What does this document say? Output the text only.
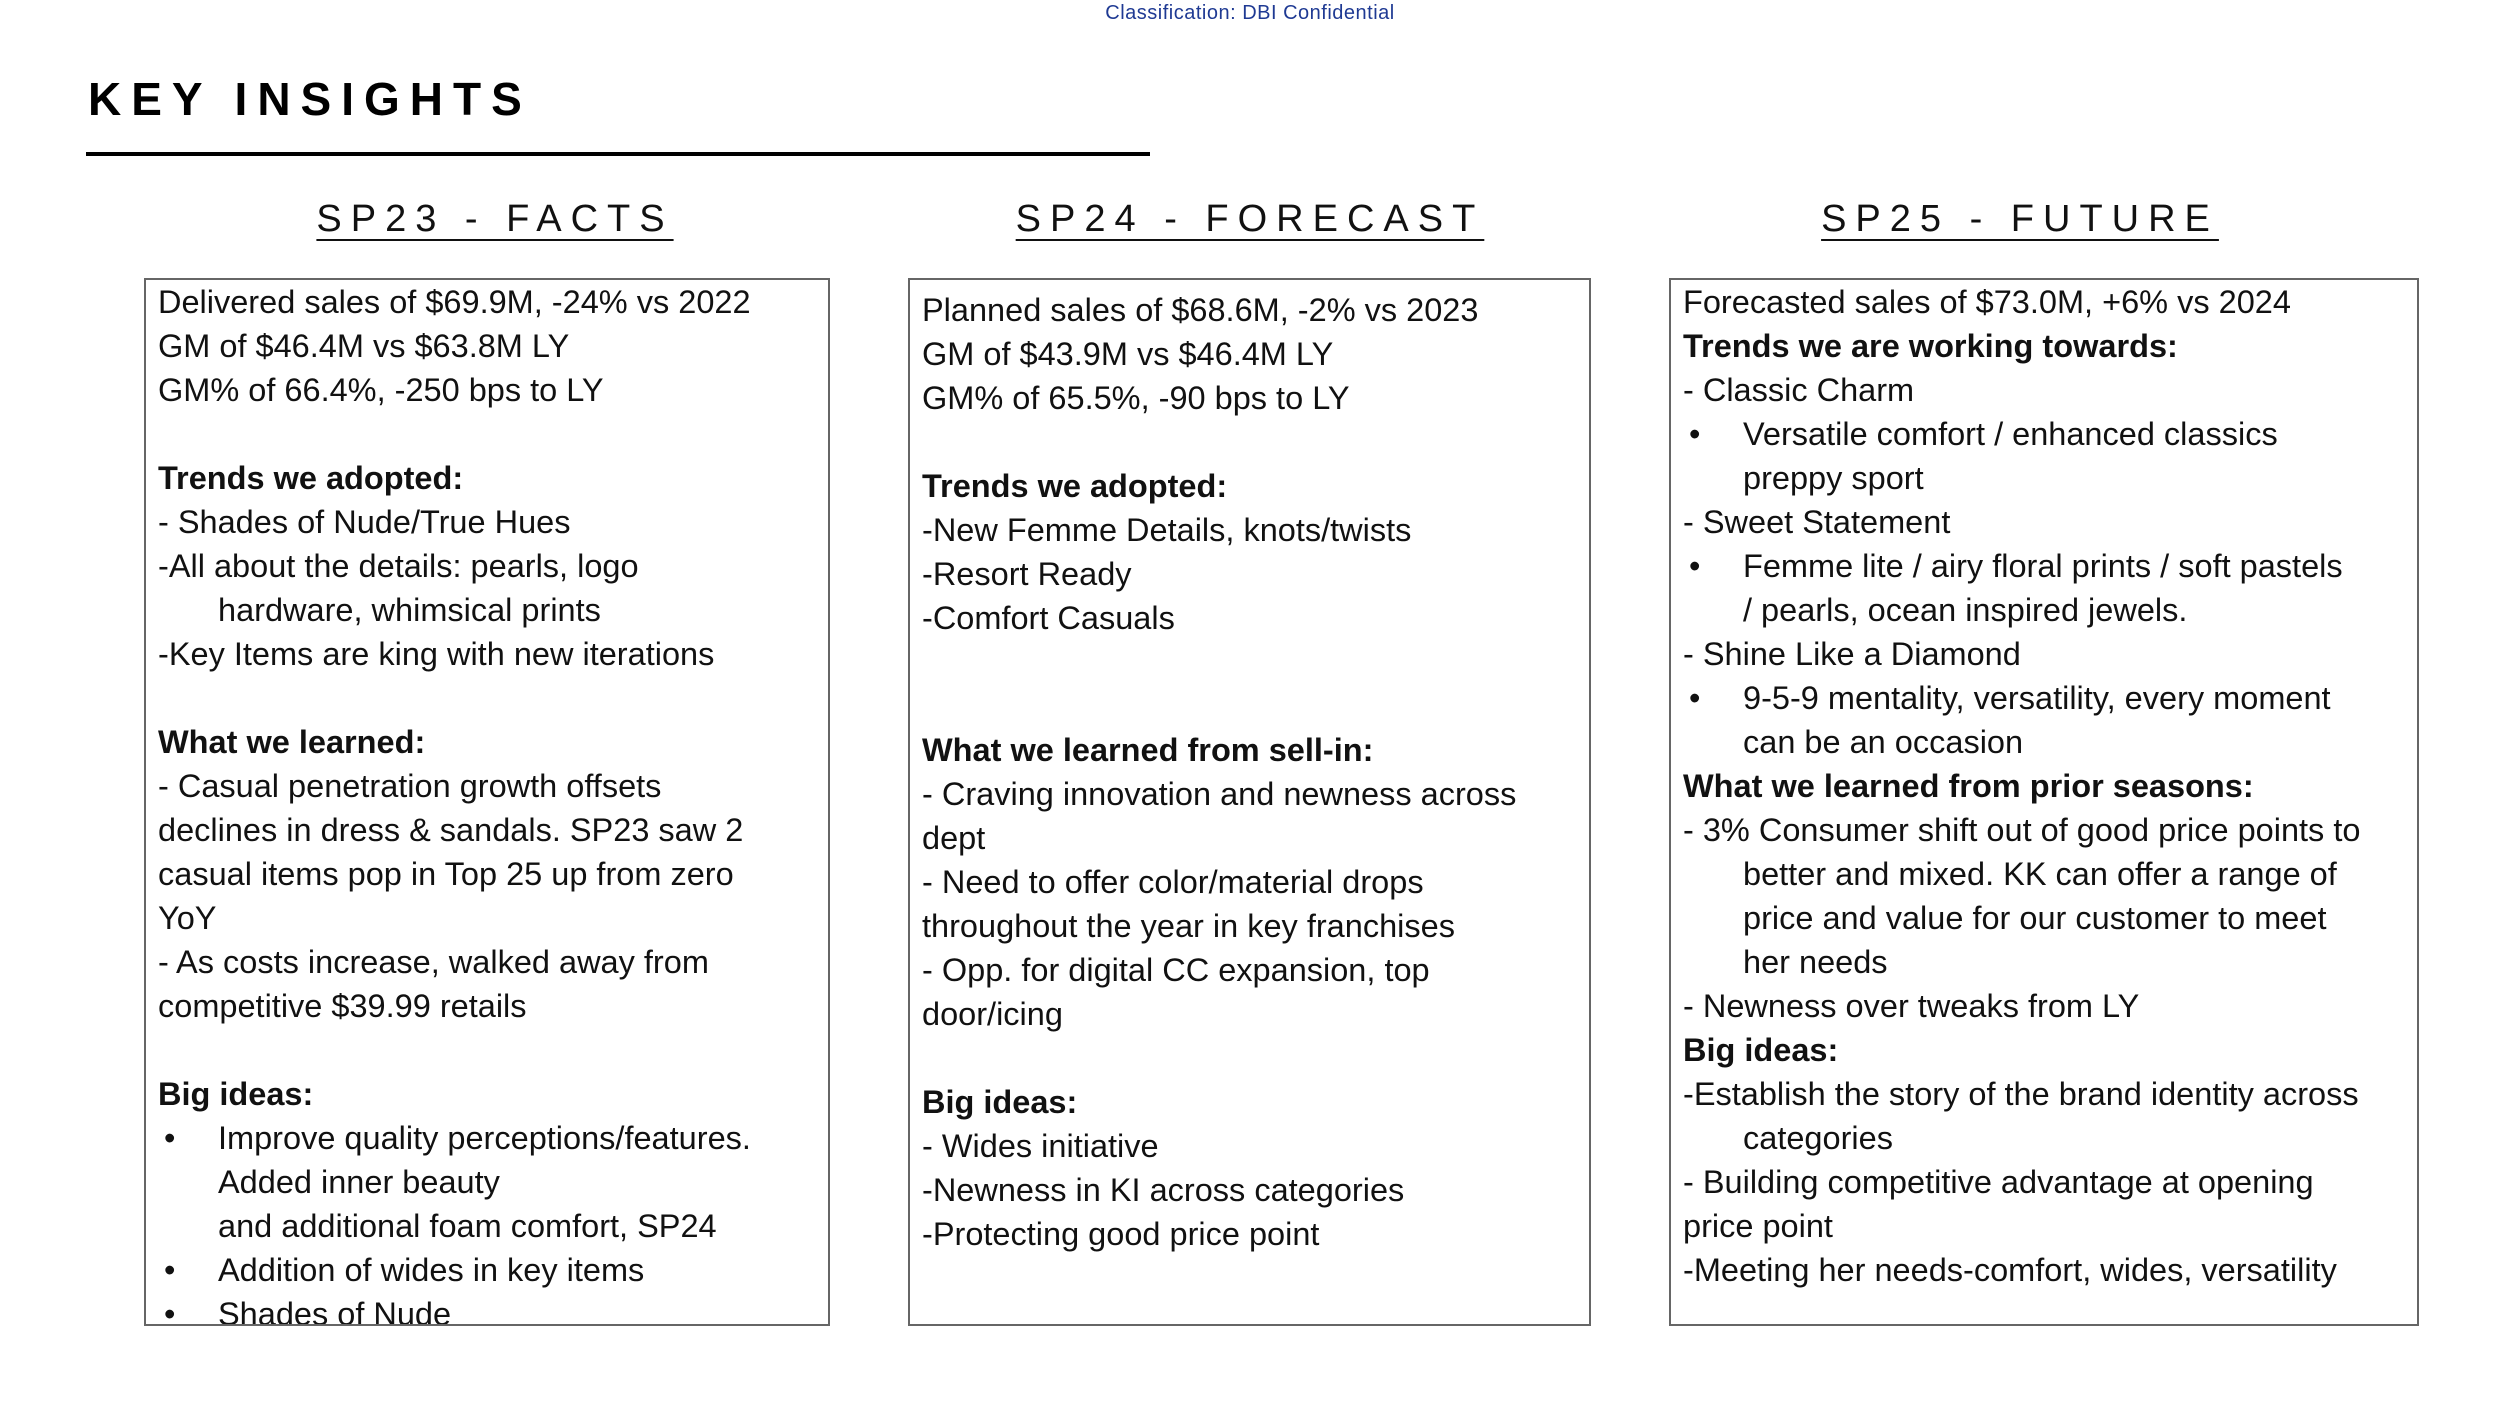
Classification: DBI Confidential
KEY INSIGHTS
SP23 - FACTS	SP24 - FORECAST	SP25 - FUTURE
Delivered sales of $69.9M, -24% vs 2022
GM of $46.4M vs $63.8M LY
GM% of 66.4%, -250 bps to LY
Trends we adopted:
- Shades of Nude/True Hues
-All about the details: pearls, logo
hardware, whimsical prints
-Key Items are king with new iterations
What we learned:
- Casual penetration growth offsets
declines in dress & sandals. SP23 saw 2
casual items pop in Top 25 up from zero
YoY
- As costs increase, walked away from
competitive $39.99 retails
Big ideas:
• Improve quality perceptions/features.
Added inner beauty
and additional foam comfort, SP24
• Addition of wides in key items
• Shades of Nude
Planned sales of $68.6M, -2% vs 2023
GM of $43.9M vs $46.4M LY
GM% of 65.5%, -90 bps to LY
Trends we adopted:
-New Femme Details, knots/twists
-Resort Ready
-Comfort Casuals
What we learned from sell-in:
- Craving innovation and newness across
dept
- Need to offer color/material drops
throughout the year in key franchises
- Opp. for digital CC expansion, top
door/icing
Big ideas:
- Wides initiative
-Newness in KI across categories
-Protecting good price point
Forecasted sales of $73.0M, +6% vs 2024
Trends we are working towards:
- Classic Charm
• Versatile comfort / enhanced classics
preppy sport
- Sweet Statement
• Femme lite / airy floral prints / soft pastels
/ pearls, ocean inspired jewels.
- Shine Like a Diamond
• 9-5-9 mentality, versatility, every moment
can be an occasion
What we learned from prior seasons:
- 3% Consumer shift out of good price points to
better and mixed. KK can offer a range of
price and value for our customer to meet
her needs
- Newness over tweaks from LY
Big ideas:
-Establish the story of the brand identity across
categories
- Building competitive advantage at opening
price point
-Meeting her needs-comfort, wides, versatility
